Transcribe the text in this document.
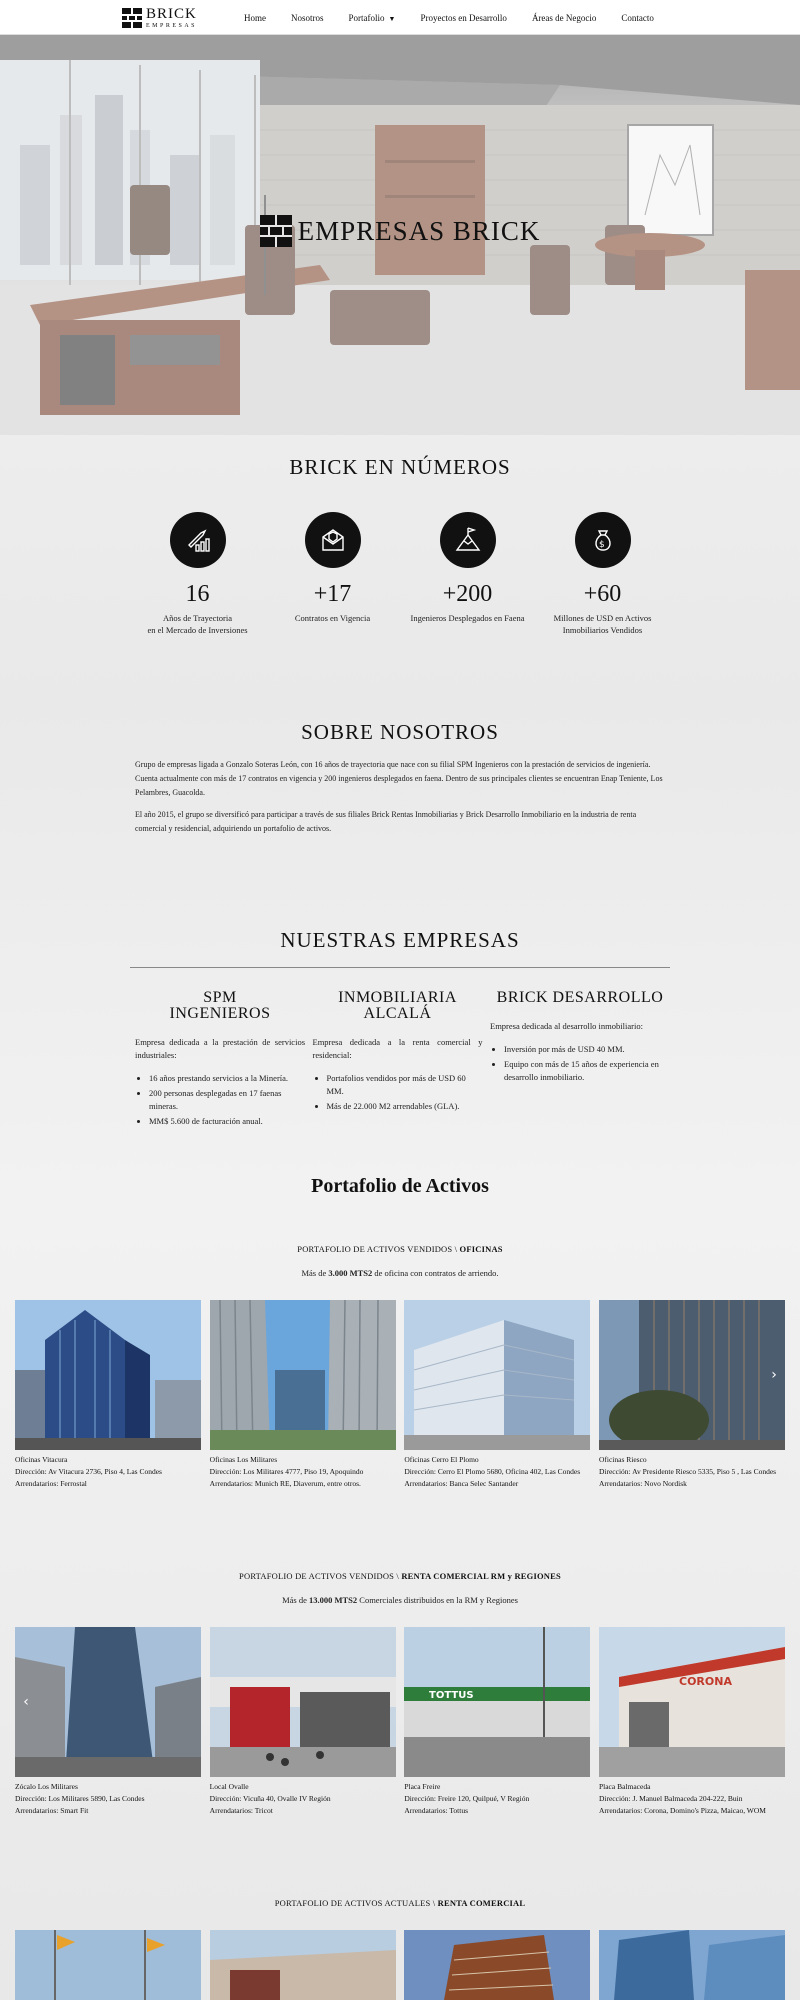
BRICK
EMPRESAS
Home	Nosotros	Portafolio ▼	Proyectos en Desarrollo	Áreas de Negocio	Contacto
EMPRESAS BRICK
BRICK EN NÚMEROS
16
Años de Trayectoria
en el Mercado de Inversiones
+17
Contratos en Vigencia
+200
Ingenieros Desplegados en Faena
$
+60
Millones de USD en Activos
Inmobiliarios Vendidos
SOBRE NOSOTROS
Grupo de empresas ligada a Gonzalo Soteras León, con 16 años de trayectoria que nace con su filial SPM Ingenieros con la prestación de servicios de ingeniería. Cuenta actualmente con más de 17 contratos en vigencia y 200 ingenieros desplegados en faena. Dentro de sus principales clientes se encuentran Enap Teniente, Los Pelambres, Guacolda.
El año 2015, el grupo se diversificó para participar a través de sus filiales Brick Rentas Inmobiliarias y Brick Desarrollo Inmobiliario en la industria de renta comercial y residencial, adquiriendo un portafolio de activos.
NUESTRAS EMPRESAS
SPM
INGENIEROS

Empresa dedicada a la prestación de servicios industriales:

• 16 años prestando servicios a la Minería.
• 200 personas desplegadas en 17 faenas mineras.
• MM$ 5.600 de facturación anual.
INMOBILIARIA
ALCALÁ

Empresa dedicada a la renta comercial y residencial:

• Portafolios vendidos por más de USD 60 MM.
• Más de 22.000 M2 arrendables (GLA).
BRICK DESARROLLO

Empresa dedicada al desarrollo inmobiliario:

• Inversión por más de USD 40 MM.
• Equipo con más de 15 años de experiencia en desarrollo inmobiliario.
Portafolio de Activos
PORTAFOLIO DE ACTIVOS VENDIDOS \ OFICINAS
Más de 3.000 MTS2 de oficina con contratos de arriendo.
Oficinas Vitacura
Dirección: Av Vitacura 2736, Piso 4, Las Condes
Arrendatarios: Ferrostal
Oficinas Los Militares
Dirección: Los Militares 4777, Piso 19, Apoquindo
Arrendatarios: Munich RE, Diaverum, entre otros.
Oficinas Cerro El Plomo
Dirección: Cerro El Plomo 5680, Oficina 402, Las Condes
Arrendatarios: Banca Selec Santander
Oficinas Riesco
Dirección: Av Presidente Riesco 5335, Piso 5 , Las Condes
Arrendatarios: Novo Nordisk
›
PORTAFOLIO DE ACTIVOS VENDIDOS \ RENTA COMERCIAL RM y REGIONES
Más de 13.000 MTS2 Comerciales distribuidos en la RM y Regiones
Zócalo Los Militares
Dirección: Los Militares 5890, Las Condes
Arrendatarios: Smart Fit
Local Ovalle
Dirección: Vicuña 40, Ovalle IV Región
Arrendatarios: Tricot
TOTTUS
Placa Freire
Dirección: Freire 120, Quilpué, V Región
Arrendatarios: Tottus
CORONA
Placa Balmaceda
Dirección: J. Manuel Balmaceda 204-222, Buin
Arrendatarios: Corona, Domino's Pizza, Maicao, WOM
‹
PORTAFOLIO DE ACTIVOS ACTUALES \ RENTA COMERCIAL
